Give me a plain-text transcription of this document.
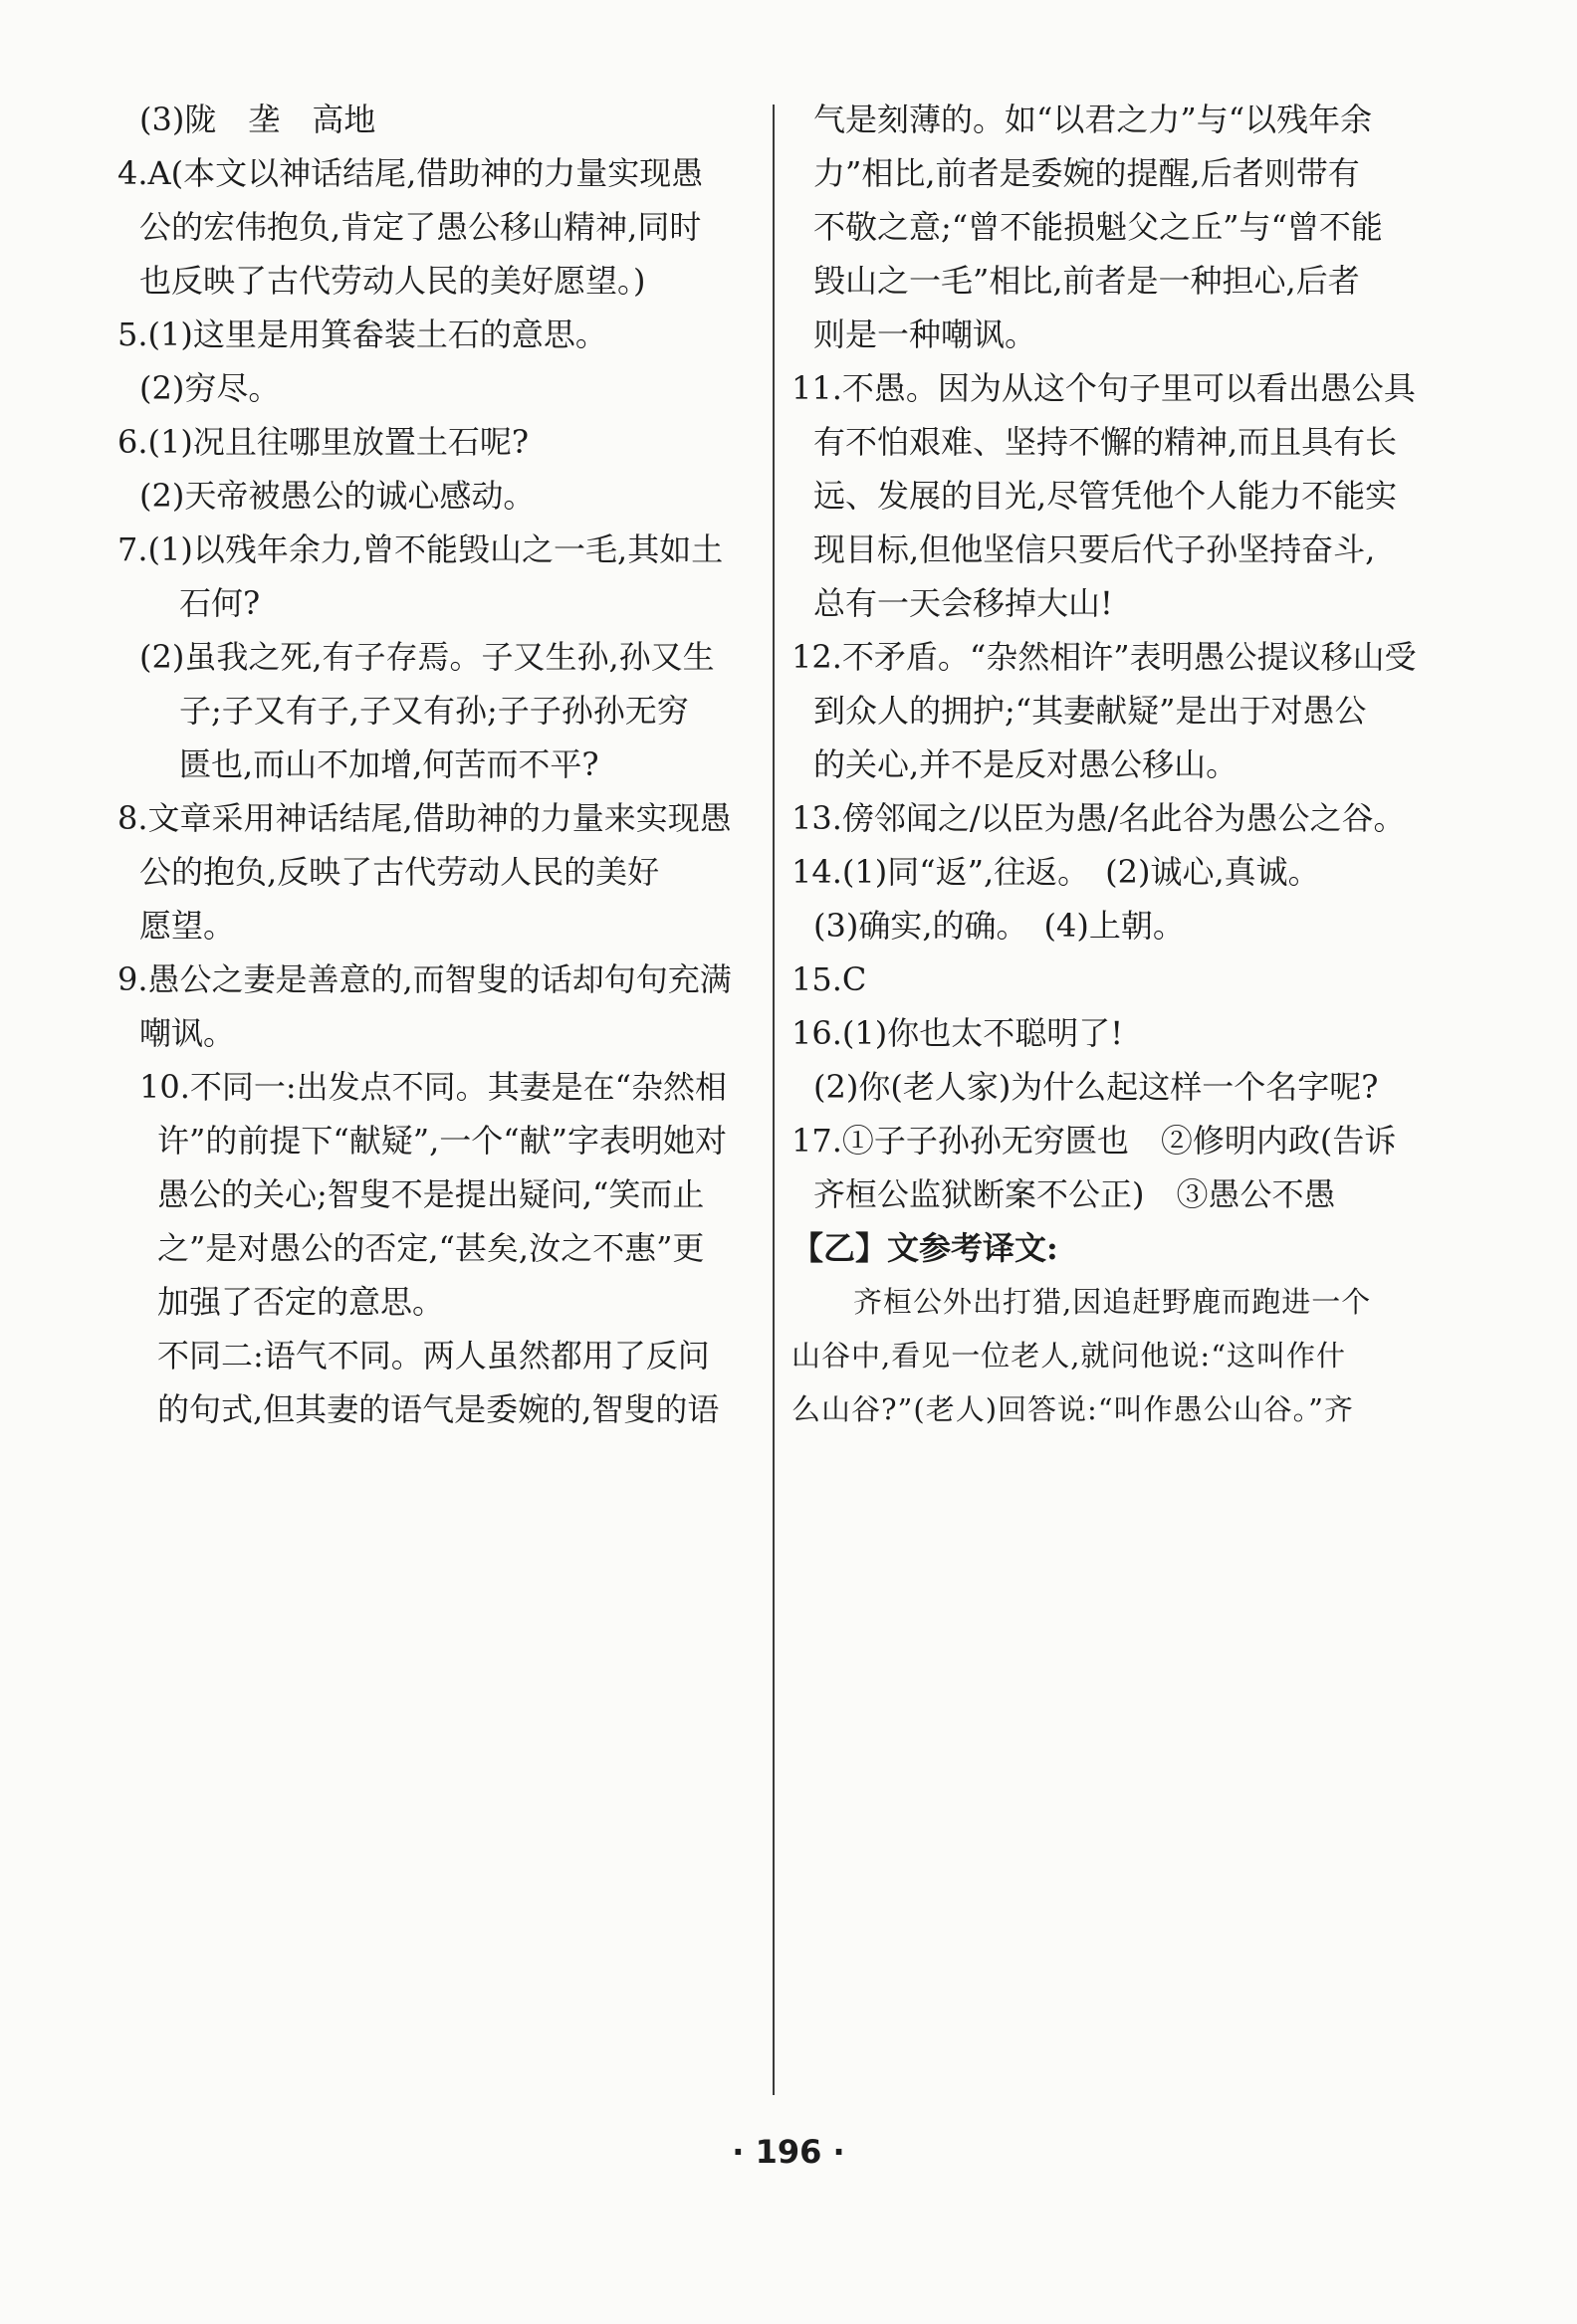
(3)陇　垄　高地
4.A(本文以神话结尾,借助神的力量实现愚
公的宏伟抱负,肯定了愚公移山精神,同时
也反映了古代劳动人民的美好愿望。)
5.(1)这里是用箕畚装土石的意思。
(2)穷尽。
6.(1)况且往哪里放置土石呢?
(2)天帝被愚公的诚心感动。
7.(1)以残年余力,曾不能毁山之一毛,其如土
石何?
(2)虽我之死,有子存焉。子又生孙,孙又生
子;子又有子,子又有孙;子子孙孙无穷
匮也,而山不加增,何苦而不平?
8.文章采用神话结尾,借助神的力量来实现愚
公的抱负,反映了古代劳动人民的美好
愿望。
9.愚公之妻是善意的,而智叟的话却句句充满
嘲讽。
10.不同一:出发点不同。其妻是在“杂然相
许”的前提下“献疑”,一个“献”字表明她对
愚公的关心;智叟不是提出疑问,“笑而止
之”是对愚公的否定,“甚矣,汝之不惠”更
加强了否定的意思。
不同二:语气不同。两人虽然都用了反问
的句式,但其妻的语气是委婉的,智叟的语
气是刻薄的。如“以君之力”与“以残年余
力”相比,前者是委婉的提醒,后者则带有
不敬之意;“曾不能损魁父之丘”与“曾不能
毁山之一毛”相比,前者是一种担心,后者
则是一种嘲讽。
11.不愚。因为从这个句子里可以看出愚公具
有不怕艰难、坚持不懈的精神,而且具有长
远、发展的目光,尽管凭他个人能力不能实
现目标,但他坚信只要后代子孙坚持奋斗,
总有一天会移掉大山!
12.不矛盾。“杂然相许”表明愚公提议移山受
到众人的拥护;“其妻献疑”是出于对愚公
的关心,并不是反对愚公移山。
13.傍邻闻之/以臣为愚/名此谷为愚公之谷。
14.(1)同“返”,往返。　(2)诚心,真诚。
(3)确实,的确。　(4)上朝。
15.C
16.(1)你也太不聪明了!
(2)你(老人家)为什么起这样一个名字呢?
17.①子子孙孙无穷匮也　②修明内政(告诉
齐桓公监狱断案不公正)　③愚公不愚
【乙】文参考译文:
齐桓公外出打猎,因追赶野鹿而跑进一个
山谷中,看见一位老人,就问他说:“这叫作什
么山谷?”(老人)回答说:“叫作愚公山谷。”齐
· 196 ·
